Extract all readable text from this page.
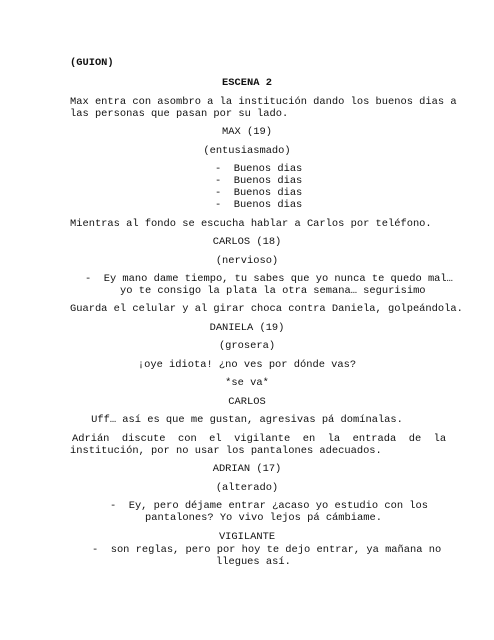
(GUION)
ESCENA 2
Max entra con asombro a la institución dando los buenos dias a
las personas que pasan por su lado.
MAX (19)
(entusiasmado)
-  Buenos dias
-  Buenos dias
-  Buenos dias
-  Buenos dias
Mientras al fondo se escucha hablar a Carlos por teléfono.
CARLOS (18)
(nervioso)
-  Ey mano dame tiempo, tu sabes que yo nunca te quedo mal…
yo te consigo la plata la otra semana… segurisimo
Guarda el celular y al girar choca contra Daniela, golpeándola.
DANIELA (19)
(grosera)
¡oye idiota! ¿no ves por dónde vas?
*se va*
CARLOS
Uff… así es que me gustan, agresivas pá domínalas.
Adrián  discute  con  el  vigilante  en  la  entrada  de  la
institución, por no usar los pantalones adecuados.
ADRIAN (17)
(alterado)
-  Ey, pero déjame entrar ¿acaso yo estudio con los
pantalones? Yo vivo lejos pá cámbiame.
VIGILANTE
-  son reglas, pero por hoy te dejo entrar, ya mañana no
llegues así.
